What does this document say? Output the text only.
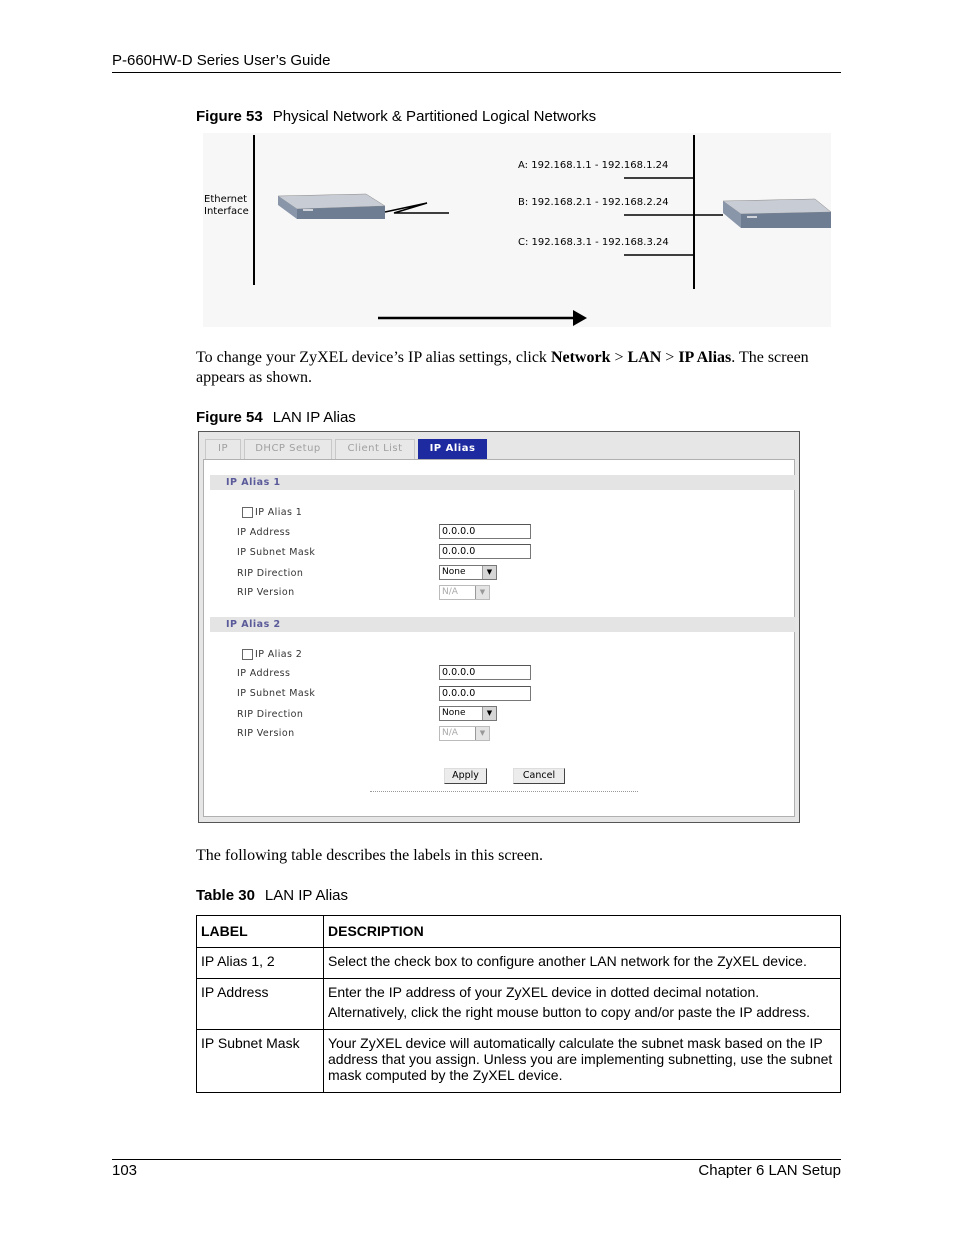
P-660HW-D Series User’s Guide
Figure 53 Physical Network & Partitioned Logical Networks
Ethernet
Interface
A: 192.168.1.1 - 192.168.1.24
B: 192.168.2.1 - 192.168.2.24
C: 192.168.3.1 - 192.168.3.24
To change your ZyXEL device’s IP alias settings, click Network > LAN > IP Alias. The screen appears as shown.
Figure 54 LAN IP Alias
IP	DHCP Setup	Client List	IP Alias
IP Alias 1
IP Alias 1
IP Address	0.0.0.0
IP Subnet Mask	0.0.0.0
RIP Direction	None	▼
RIP Version	N/A	▼
IP Alias 2
IP Alias 2
IP Address	0.0.0.0
IP Subnet Mask	0.0.0.0
RIP Direction	None	▼
RIP Version	N/A	▼
Apply	Cancel
The following table describes the labels in this screen.
Table 30 LAN IP Alias
LABEL	DESCRIPTION
IP Alias 1, 2	Select the check box to configure another LAN network for the ZyXEL device.

IP Address	Enter the IP address of your ZyXEL device in dotted decimal notation.

Alternatively, click the right mouse button to copy and/or paste the IP address.

IP Subnet Mask	Your ZyXEL device will automatically calculate the subnet mask based on the IP address that you assign. Unless you are implementing subnetting, use the subnet mask computed by the ZyXEL device.

103	Chapter 6 LAN Setup
